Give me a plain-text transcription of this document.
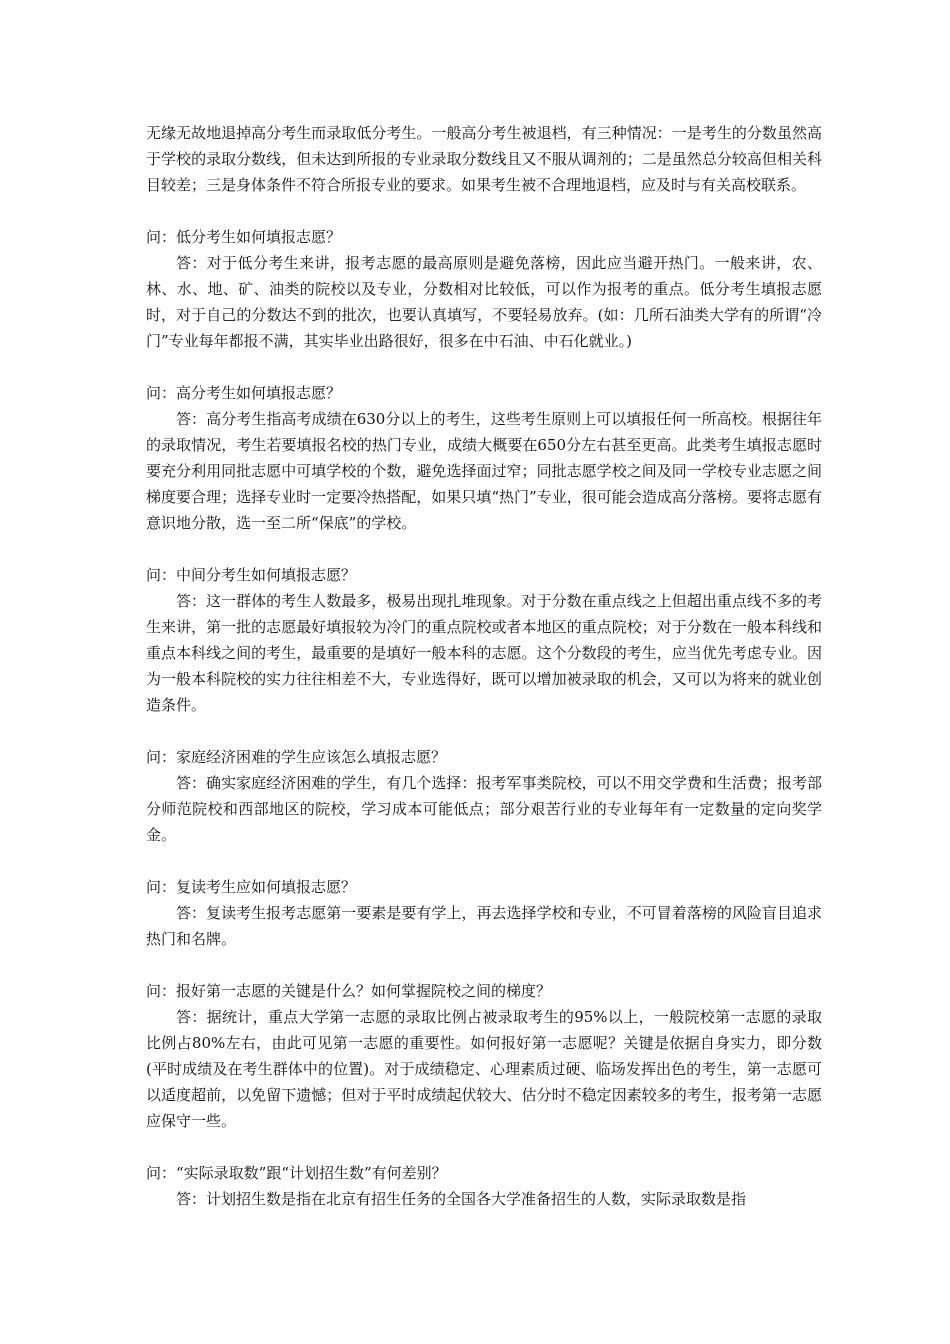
无缘无故地退掉高分考生而录取低分考生。一般高分考生被退档，有三种情况：一是考生的分数虽然高于学校的录取分数线，但未达到所报的专业录取分数线且又不服从调剂的；二是虽然总分较高但相关科目较差；三是身体条件不符合所报专业的要求。如果考生被不合理地退档，应及时与有关高校联系。

问：低分考生如何填报志愿？

答：对于低分考生来讲，报考志愿的最高原则是避免落榜，因此应当避开热门。一般来讲，农、林、水、地、矿、油类的院校以及专业，分数相对比较低，可以作为报考的重点。低分考生填报志愿时，对于自己的分数达不到的批次，也要认真填写，不要轻易放弃。(如：几所石油类大学有的所谓“冷门”专业每年都报不满，其实毕业出路很好，很多在中石油、中石化就业。)

问：高分考生如何填报志愿？

答：高分考生指高考成绩在630分以上的考生，这些考生原则上可以填报任何一所高校。根据往年的录取情况，考生若要填报名校的热门专业，成绩大概要在650分左右甚至更高。此类考生填报志愿时要充分利用同批志愿中可填学校的个数，避免选择面过窄；同批志愿学校之间及同一学校专业志愿之间梯度要合理；选择专业时一定要冷热搭配，如果只填“热门”专业，很可能会造成高分落榜。要将志愿有意识地分散，选一至二所“保底”的学校。

问：中间分考生如何填报志愿？

答：这一群体的考生人数最多，极易出现扎堆现象。对于分数在重点线之上但超出重点线不多的考生来讲，第一批的志愿最好填报较为冷门的重点院校或者本地区的重点院校；对于分数在一般本科线和重点本科线之间的考生，最重要的是填好一般本科的志愿。这个分数段的考生，应当优先考虑专业。因为一般本科院校的实力往往相差不大，专业选得好，既可以增加被录取的机会，又可以为将来的就业创造条件。

问：家庭经济困难的学生应该怎么填报志愿？

答：确实家庭经济困难的学生，有几个选择：报考军事类院校，可以不用交学费和生活费；报考部分师范院校和西部地区的院校，学习成本可能低点；部分艰苦行业的专业每年有一定数量的定向奖学金。

问：复读考生应如何填报志愿？

答：复读考生报考志愿第一要素是要有学上，再去选择学校和专业，不可冒着落榜的风险盲目追求热门和名牌。

问：报好第一志愿的关键是什么？如何掌握院校之间的梯度？

答：据统计，重点大学第一志愿的录取比例占被录取考生的95%以上，一般院校第一志愿的录取比例占80%左右，由此可见第一志愿的重要性。如何报好第一志愿呢？关键是依据自身实力，即分数(平时成绩及在考生群体中的位置)。对于成绩稳定、心理素质过硬、临场发挥出色的考生，第一志愿可以适度超前，以免留下遗憾；但对于平时成绩起伏较大、估分时不稳定因素较多的考生，报考第一志愿应保守一些。

问：“实际录取数”跟“计划招生数”有何差别？

答：计划招生数是指在北京有招生任务的全国各大学准备招生的人数，实际录取数是指
